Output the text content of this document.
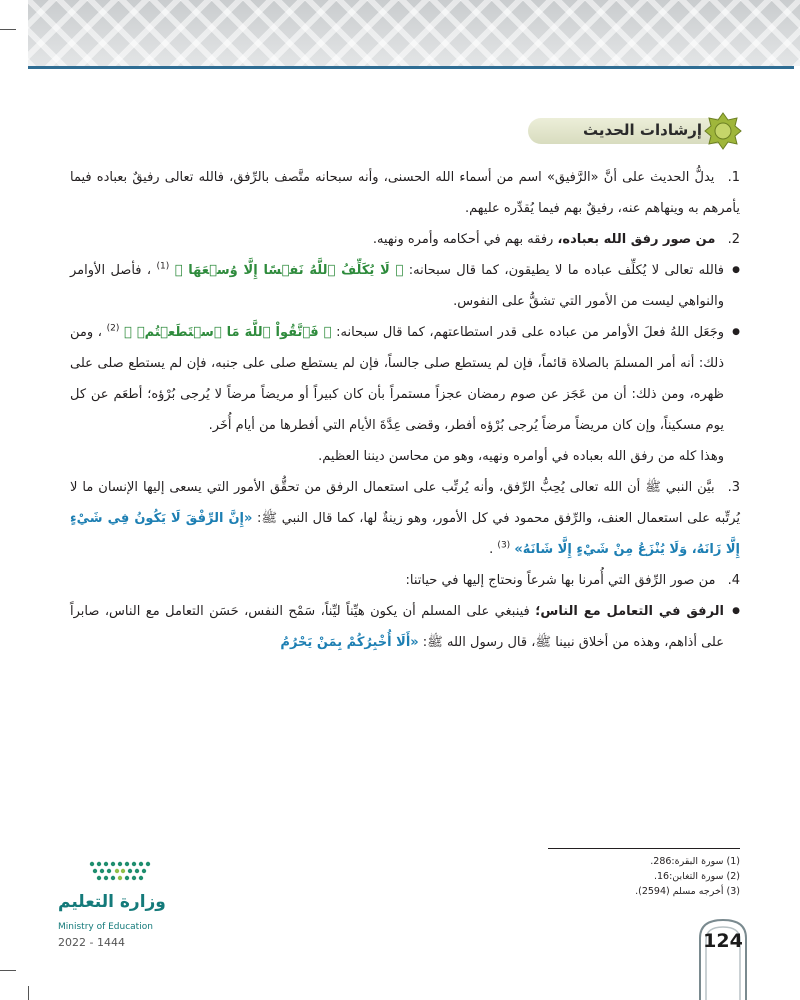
إرشادات الحديث

1. يدلُّ الحديث على أنَّ «الرَّفيق» اسم من أسماء الله الحسنى، وأنه سبحانه متَّصف بالرِّفق، فالله تعالى رفيقٌ بعباده فيما يأمرهم به وينهاهم عنه، رفيقٌ بهم فيما يُقدِّره عليهم.

2. من صور رفق الله بعباده، رفقه بهم في أحكامه وأمره ونهيه.

● فالله تعالى لا يُكلِّف عباده ما لا يطيقون، كما قال سبحانه: ﴿ لَا يُكَلِّفُ ٱللَّهُ نَفۡسًا إِلَّا وُسۡعَهَا ﴾ $^{(1)}$ ، فأصل الأوامر والنواهي ليست من الأمور التي تشقُّ على النفوس.

● وجَعَل اللهُ فعلَ الأوامر من عباده على قدر استطاعتهم، كما قال سبحانه: ﴿ فَٱتَّقُواْ ٱللَّهَ مَا ٱسۡتَطَعۡتُمۡ ﴾ $^{(2)}$ ، ومن ذلك: أنه أمر المسلمَ بالصلاة قائماً، فإن لم يستطع صلى جالساً، فإن لم يستطع صلى على جنبه، فإن لم يستطع صلى على ظهره، ومن ذلك: أن من عَجَز عن صوم رمضان عجزاً مستمراً بأن كان كبيراً أو مريضاً مرضاً لا يُرجى بُرْؤه؛ أطعَم عن كل يوم مسكيناً، وإن كان مريضاً مرضاً يُرجى بُرْؤه أفطر، وقضى عِدَّةَ الأيام التي أفطرها من أيام أُخَر.

وهذا كله من رفق الله بعباده في أوامره ونهيه، وهو من محاسن ديننا العظيم.

3. بيَّن النبي ﷺ أن الله تعالى يُحِبُّ الرِّفق، وأنه يُرتِّب على استعمال الرفق من تحقُّق الأمور التي يسعى إليها الإنسان ما لا يُرتِّبه على استعمال العنف، والرِّفق محمود في كل الأمور، وهو زينةٌ لها، كما قال النبي ﷺ: «إِنَّ الرِّفْقَ لَا يَكُونُ فِي شَيْءٍ إِلَّا زَانَهُ، وَلَا يُنْزَعُ مِنْ شَيْءٍ إِلَّا شَانَهُ» $^{(3)}$ .

4. من صور الرِّفق التي أُمرنا بها شرعاً ونحتاج إليها في حياتنا:

● الرفق في التعامل مع الناس؛ فينبغي على المسلم أن يكون هيِّناً ليِّناً، سَمْح النفس، حَسَن التعامل مع الناس، صابراً على أذاهم، وهذه من أخلاق نبينا ﷺ، قال رسول الله ﷺ: «أَلَا أُخْبِرُكُمْ بِمَنْ يَحْرُمُ

(1) سورة البقرة:286.
(2) سورة التغابن:16.
(3) أخرجه مسلم (2594).

وزارة التعليم

Ministry of Education

2022 - 1444	124
